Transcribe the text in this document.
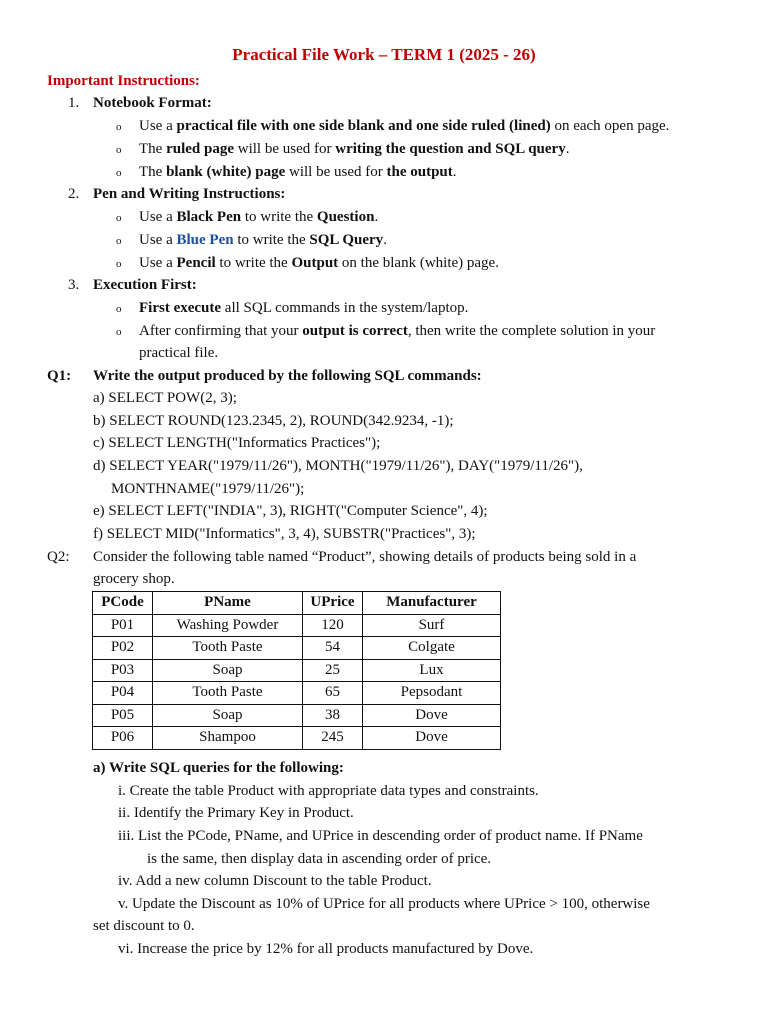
Practical File Work – TERM 1 (2025 - 26)
Important Instructions:
1. Notebook Format:
o Use a practical file with one side blank and one side ruled (lined) on each open page.
o The ruled page will be used for writing the question and SQL query.
o The blank (white) page will be used for the output.
2. Pen and Writing Instructions:
o Use a Black Pen to write the Question.
o Use a Blue Pen to write the SQL Query.
o Use a Pencil to write the Output on the blank (white) page.
3. Execution First:
o First execute all SQL commands in the system/laptop.
o After confirming that your output is correct, then write the complete solution in your
practical file.
Q1: Write the output produced by the following SQL commands:
a) SELECT POW(2, 3);
b) SELECT ROUND(123.2345, 2), ROUND(342.9234, -1);
c) SELECT LENGTH("Informatics Practices");
d) SELECT YEAR("1979/11/26"), MONTH("1979/11/26"), DAY("1979/11/26"),
MONTHNAME("1979/11/26");
e) SELECT LEFT("INDIA", 3), RIGHT("Computer Science", 4);
f) SELECT MID("Informatics", 3, 4), SUBSTR("Practices", 3);
Q2: Consider the following table named “Product”, showing details of products being sold in a
grocery shop.
PCode	PName	UPrice	Manufacturer
P01	Washing Powder	120	Surf
P02	Tooth Paste	54	Colgate
P03	Soap	25	Lux
P04	Tooth Paste	65	Pepsodant
P05	Soap	38	Dove
P06	Shampoo	245	Dove
a) Write SQL queries for the following:
i. Create the table Product with appropriate data types and constraints.
ii. Identify the Primary Key in Product.
iii. List the PCode, PName, and UPrice in descending order of product name. If PName
is the same, then display data in ascending order of price.
iv. Add a new column Discount to the table Product.
v. Update the Discount as 10% of UPrice for all products where UPrice > 100, otherwise
set discount to 0.
vi. Increase the price by 12% for all products manufactured by Dove.
